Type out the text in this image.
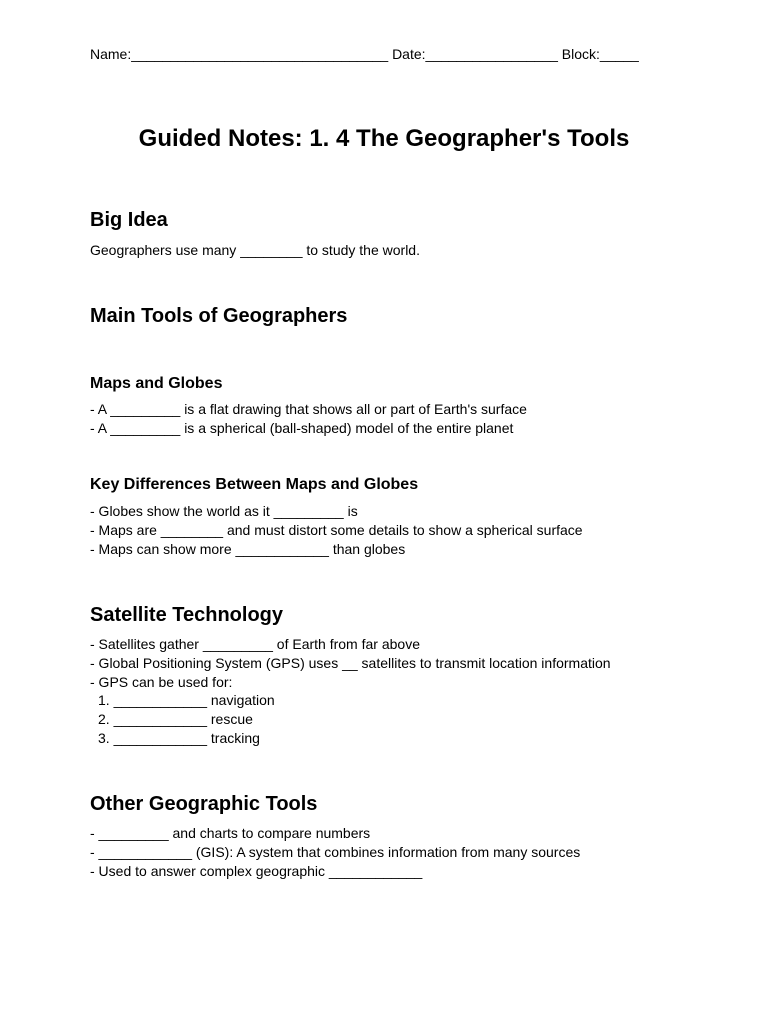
Name:_________________________________ Date:_________________ Block:_____
Guided Notes: 1. 4 The Geographer's Tools
Big Idea

Geographers use many ________ to study the world.

Main Tools of Geographers
Maps and Globes
- A _________ is a flat drawing that shows all or part of Earth's surface
- A _________ is a spherical (ball-shaped) model of the entire planet
Key Differences Between Maps and Globes
- Globes show the world as it _________ is
- Maps are ________ and must distort some details to show a spherical surface
- Maps can show more ____________ than globes
Satellite Technology
- Satellites gather _________ of Earth from far above
- Global Positioning System (GPS) uses __ satellites to transmit location information
- GPS can be used for:
1. ____________ navigation
2. ____________ rescue
3. ____________ tracking
Other Geographic Tools
- _________ and charts to compare numbers
- ____________ (GIS): A system that combines information from many sources
- Used to answer complex geographic ____________
